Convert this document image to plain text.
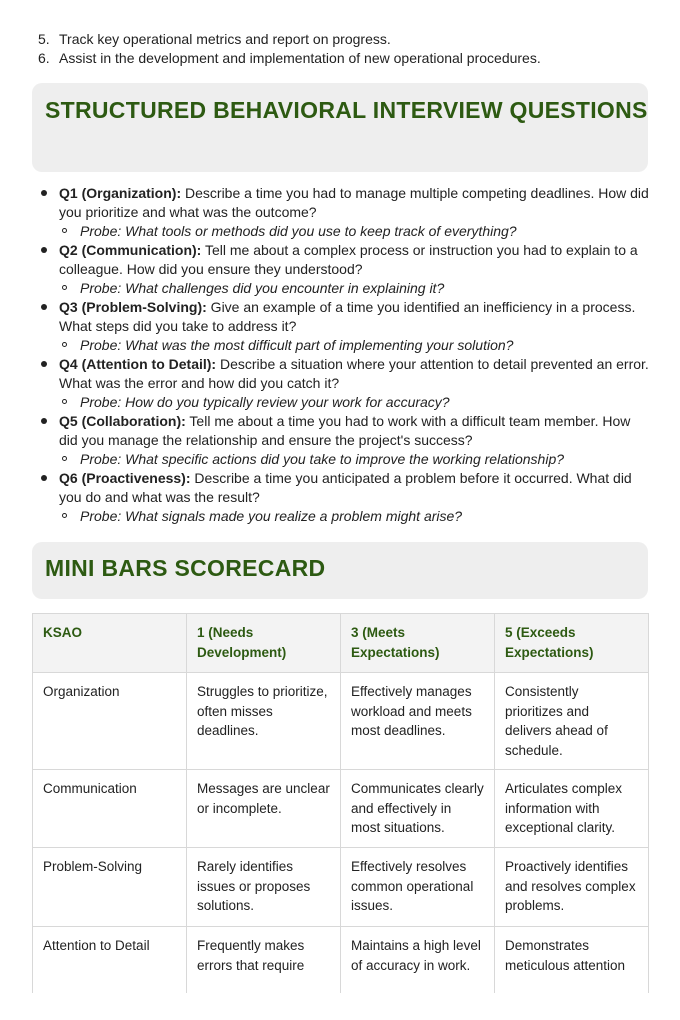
5. Track key operational metrics and report on progress.
6. Assist in the development and implementation of new operational procedures.
STRUCTURED BEHAVIORAL INTERVIEW QUESTIONS
Q1 (Organization): Describe a time you had to manage multiple competing deadlines. How did you prioritize and what was the outcome?
Probe: What tools or methods did you use to keep track of everything?
Q2 (Communication): Tell me about a complex process or instruction you had to explain to a colleague. How did you ensure they understood?
Probe: What challenges did you encounter in explaining it?
Q3 (Problem-Solving): Give an example of a time you identified an inefficiency in a process. What steps did you take to address it?
Probe: What was the most difficult part of implementing your solution?
Q4 (Attention to Detail): Describe a situation where your attention to detail prevented an error. What was the error and how did you catch it?
Probe: How do you typically review your work for accuracy?
Q5 (Collaboration): Tell me about a time you had to work with a difficult team member. How did you manage the relationship and ensure the project's success?
Probe: What specific actions did you take to improve the working relationship?
Q6 (Proactiveness): Describe a time you anticipated a problem before it occurred. What did you do and what was the result?
Probe: What signals made you realize a problem might arise?
MINI BARS SCORECARD
KSAO	1 (Needs Development)	3 (Meets Expectations)	5 (Exceeds Expectations)
Organization	Struggles to prioritize, often misses deadlines.	Effectively manages workload and meets most deadlines.	Consistently prioritizes and delivers ahead of schedule.
Communication	Messages are unclear or incomplete.	Communicates clearly and effectively in most situations.	Articulates complex information with exceptional clarity.
Problem-Solving	Rarely identifies issues or proposes solutions.	Effectively resolves common operational issues.	Proactively identifies and resolves complex problems.
Attention to Detail	Frequently makes errors that require	Maintains a high level of accuracy in work.	Demonstrates meticulous attention
